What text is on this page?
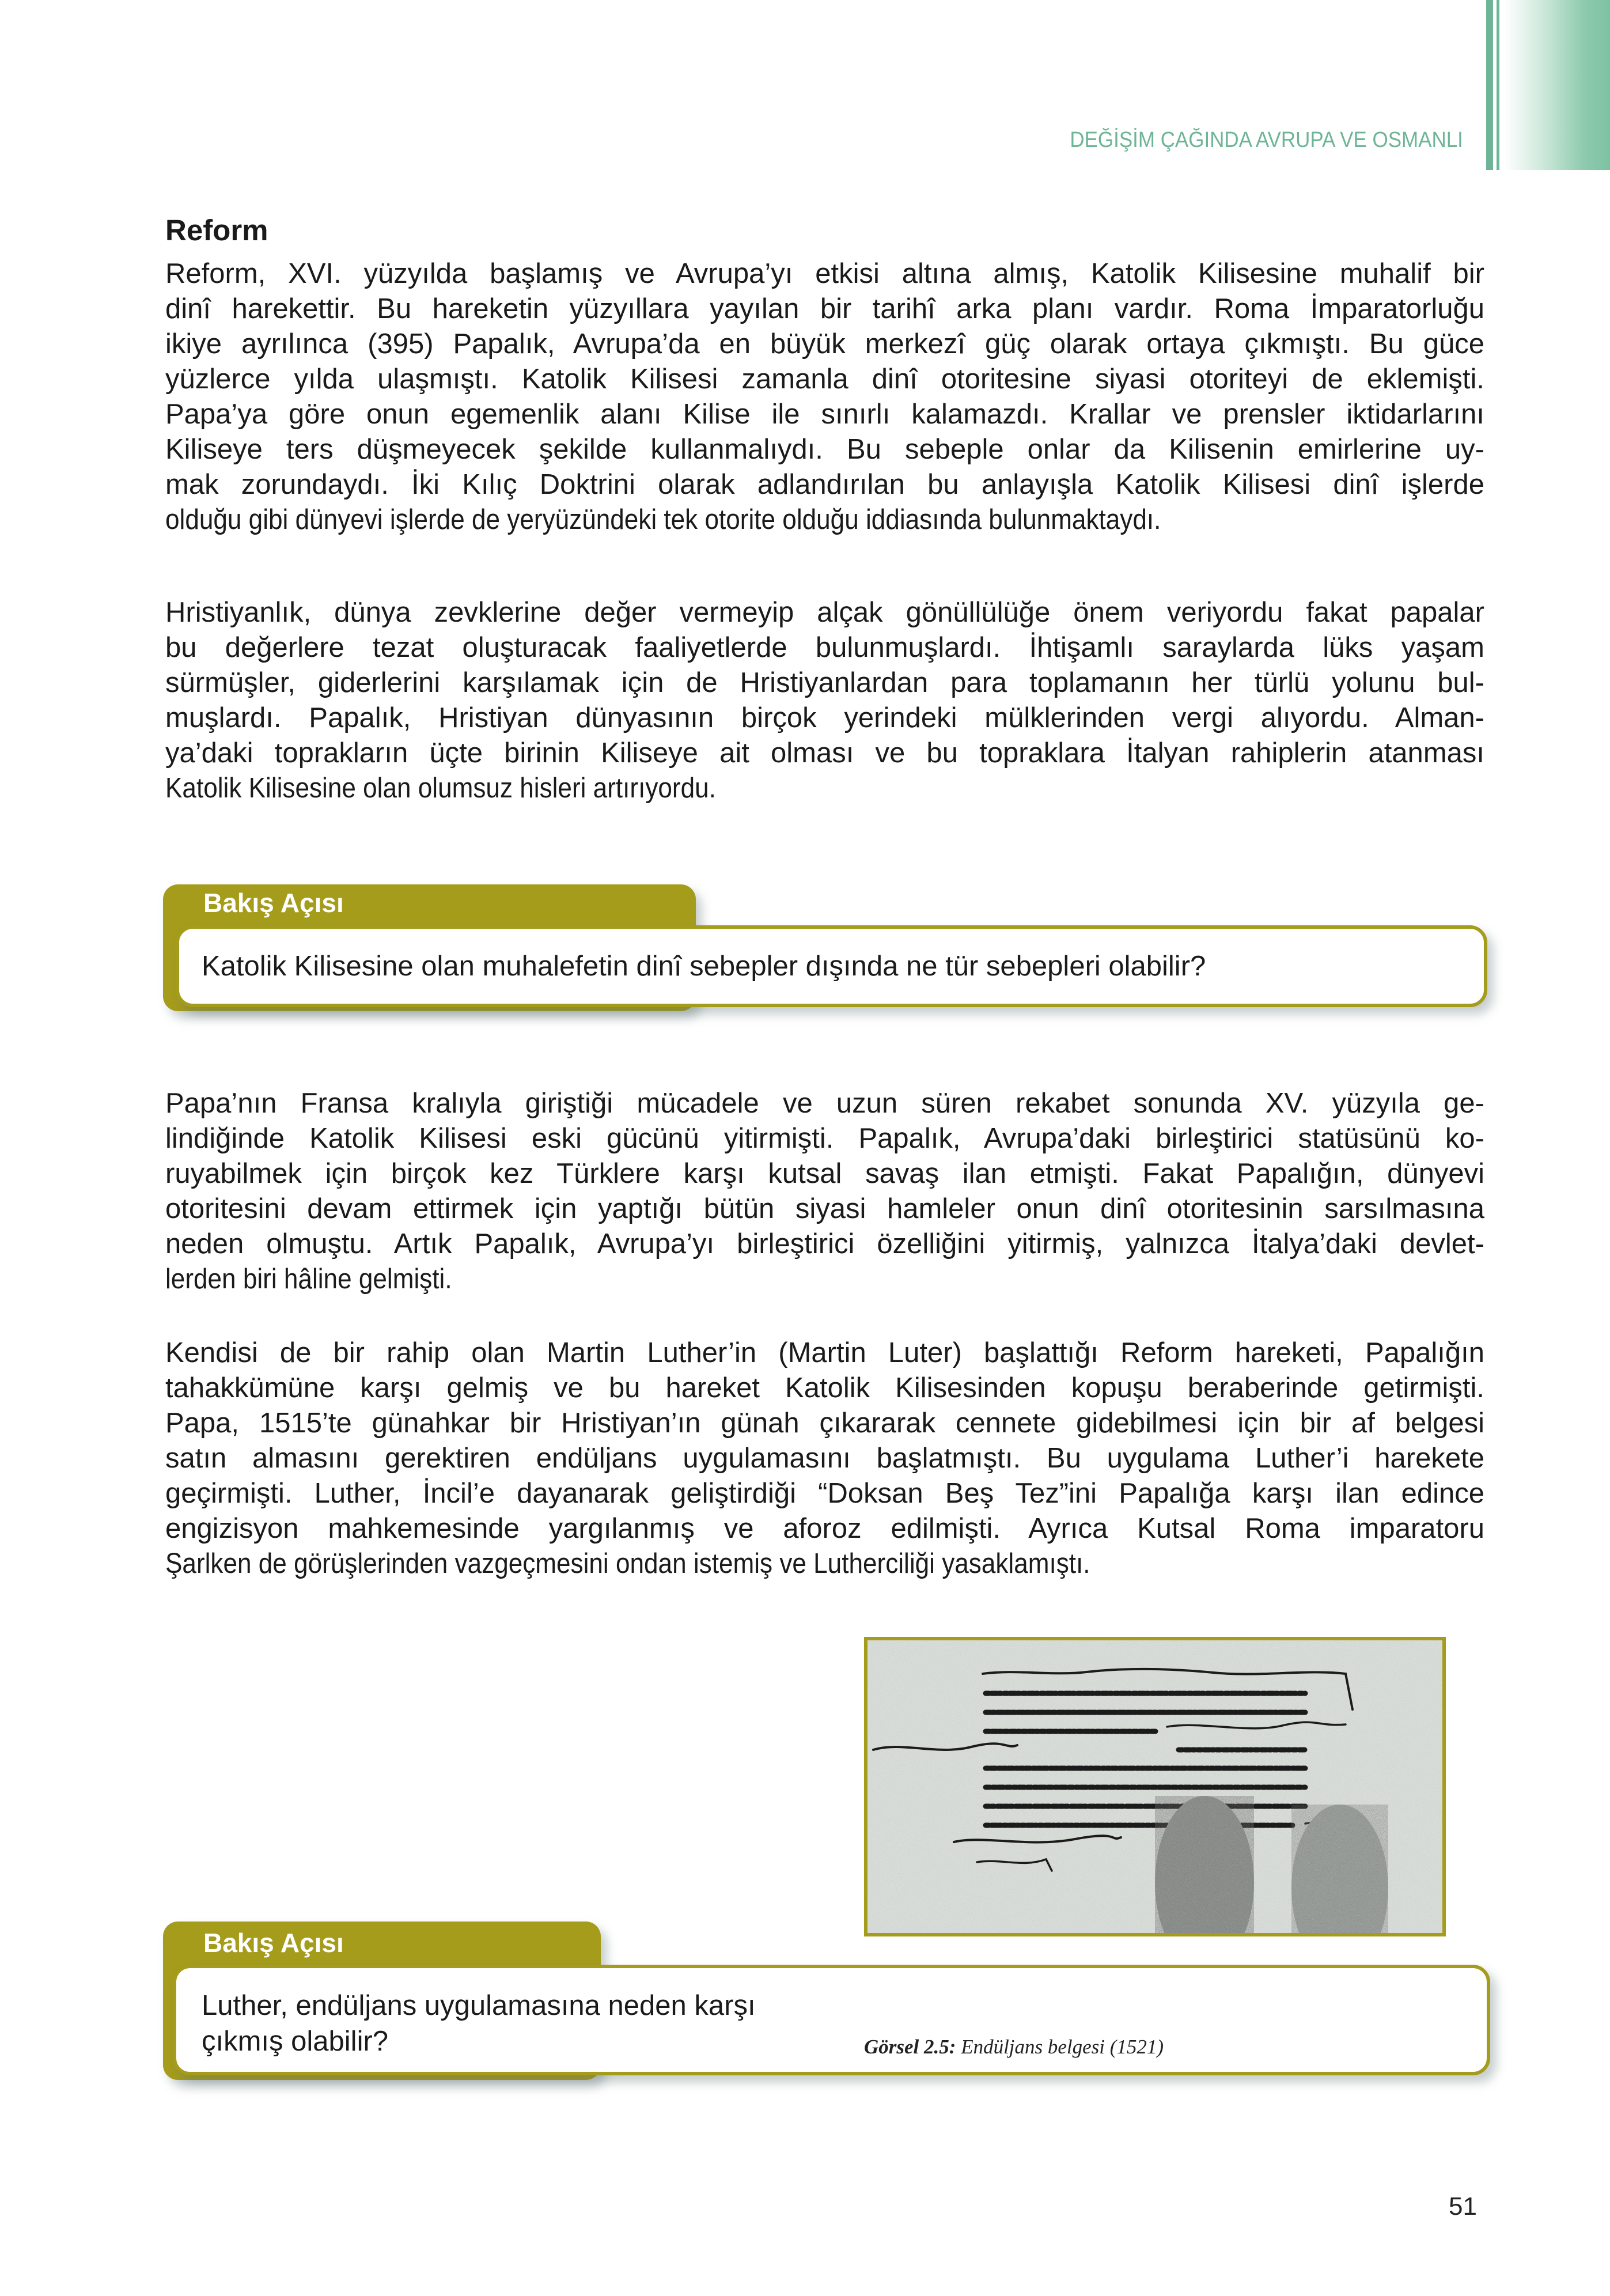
DEĞİŞİM ÇAĞINDA AVRUPA VE OSMANLI
Reform
Reform, XVI. yüzyılda başlamış ve Avrupa’yı etkisi altına almış, Katolik Kilisesine muhalif bir
dinî harekettir. Bu hareketin yüzyıllara yayılan bir tarihî arka planı vardır. Roma İmparatorluğu
ikiye ayrılınca (395) Papalık, Avrupa’da en büyük merkezî güç olarak ortaya çıkmıştı. Bu güce
yüzlerce yılda ulaşmıştı. Katolik Kilisesi zamanla dinî otoritesine siyasi otoriteyi de eklemişti.
Papa’ya göre onun egemenlik alanı Kilise ile sınırlı kalamazdı. Krallar ve prensler iktidarlarını
Kiliseye ters düşmeyecek şekilde kullanmalıydı. Bu sebeple onlar da Kilisenin emirlerine uy-
mak zorundaydı. İki Kılıç Doktrini olarak adlandırılan bu anlayışla Katolik Kilisesi dinî işlerde
olduğu gibi dünyevi işlerde de yeryüzündeki tek otorite olduğu iddiasında bulunmaktaydı.
Hristiyanlık, dünya zevklerine değer vermeyip alçak gönüllülüğe önem veriyordu fakat papalar
bu değerlere tezat oluşturacak faaliyetlerde bulunmuşlardı. İhtişamlı saraylarda lüks yaşam
sürmüşler, giderlerini karşılamak için de Hristiyanlardan para toplamanın her türlü yolunu bul-
muşlardı. Papalık, Hristiyan dünyasının birçok yerindeki mülklerinden vergi alıyordu. Alman-
ya’daki toprakların üçte birinin Kiliseye ait olması ve bu topraklara İtalyan rahiplerin atanması
Katolik Kilisesine olan olumsuz hisleri artırıyordu.
Bakış Açısı
Katolik Kilisesine olan muhalefetin dinî sebepler dışında ne tür sebepleri olabilir?
Papa’nın Fransa kralıyla giriştiği mücadele ve uzun süren rekabet sonunda XV. yüzyıla ge-
lindiğinde Katolik Kilisesi eski gücünü yitirmişti. Papalık, Avrupa’daki birleştirici statüsünü ko-
ruyabilmek için birçok kez Türklere karşı kutsal savaş ilan etmişti. Fakat Papalığın, dünyevi
otoritesini devam ettirmek için yaptığı bütün siyasi hamleler onun dinî otoritesinin sarsılmasına
neden olmuştu. Artık Papalık, Avrupa’yı birleştirici özelliğini yitirmiş, yalnızca İtalya’daki devlet-
lerden biri hâline gelmişti.
Kendisi de bir rahip olan Martin Luther’in (Martin Luter) başlattığı Reform hareketi, Papalığın
tahakkümüne karşı gelmiş ve bu hareket Katolik Kilisesinden kopuşu beraberinde getirmişti.
Papa, 1515’te günahkar bir Hristiyan’ın günah çıkararak cennete gidebilmesi için bir af belgesi
satın almasını gerektiren endüljans uygulamasını başlatmıştı. Bu uygulama Luther’i harekete
geçirmişti. Luther, İncil’e dayanarak geliştirdiği “Doksan Beş Tez”ini Papalığa karşı ilan edince
engizisyon mahkemesinde yargılanmış ve aforoz edilmişti. Ayrıca Kutsal Roma imparatoru
Şarlken de görüşlerinden vazgeçmesini ondan istemiş ve Lutherciliği yasaklamıştı.
Bakış Açısı
Luther, endüljans uygulamasına neden karşı
çıkmış olabilir?	Görsel 2.5: Endüljans belgesi (1521)
51
